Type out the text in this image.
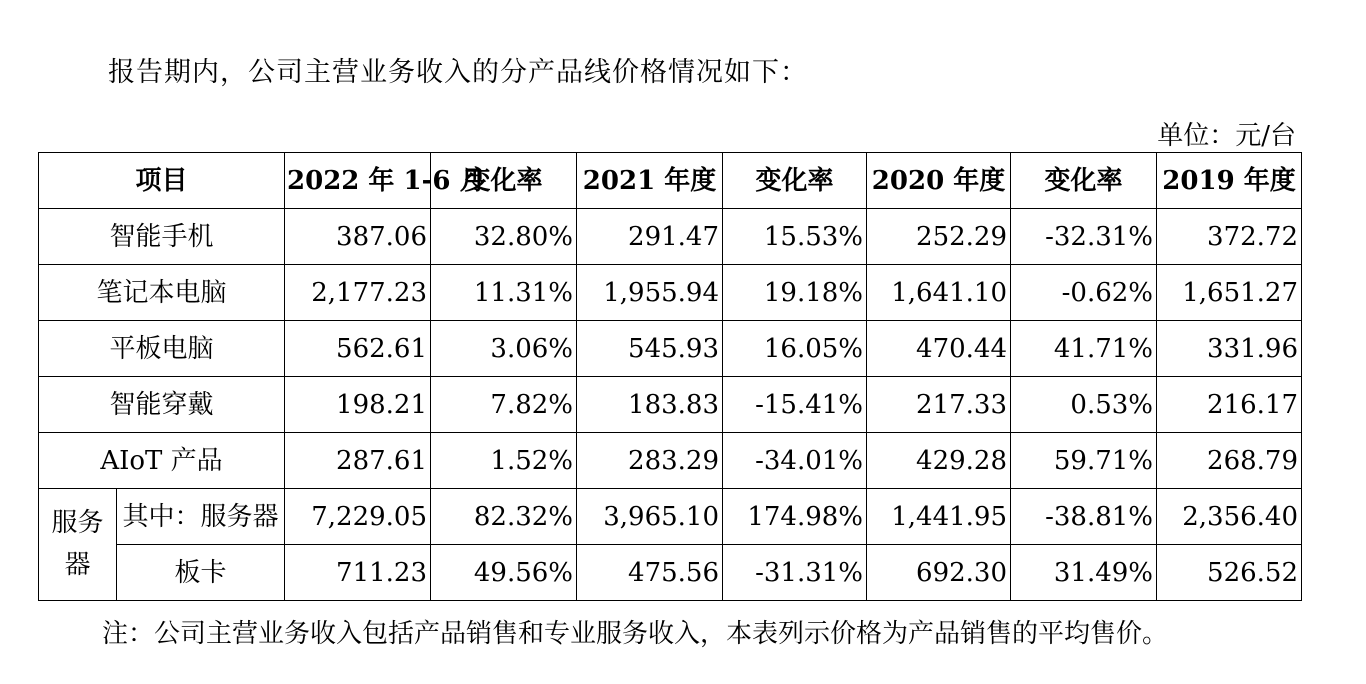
报告期内，公司主营业务收入的分产品线价格情况如下：
单位：元/台
项目		2022 年 1-6 月	变化率	2021 年度	变化率	2020 年度	变化率	2019 年度
智能手机		387.06	32.80%	291.47	15.53%	252.29	-32.31%	372.72
笔记本电脑		2,177.23	11.31%	1,955.94	19.18%	1,641.10	-0.62%	1,651.27
平板电脑		562.61	3.06%	545.93	16.05%	470.44	41.71%	331.96
智能穿戴		198.21	7.82%	183.83	-15.41%	217.33	0.53%	216.17
AIoT 产品		287.61	1.52%	283.29	-34.01%	429.28	59.71%	268.79
服务器	其中：服务器	7,229.05	82.32%	3,965.10	174.98%	1,441.95	-38.81%	2,356.40
	板卡	711.23	49.56%	475.56	-31.31%	692.30	31.49%	526.52
注：公司主营业务收入包括产品销售和专业服务收入，本表列示价格为产品销售的平均售价。
